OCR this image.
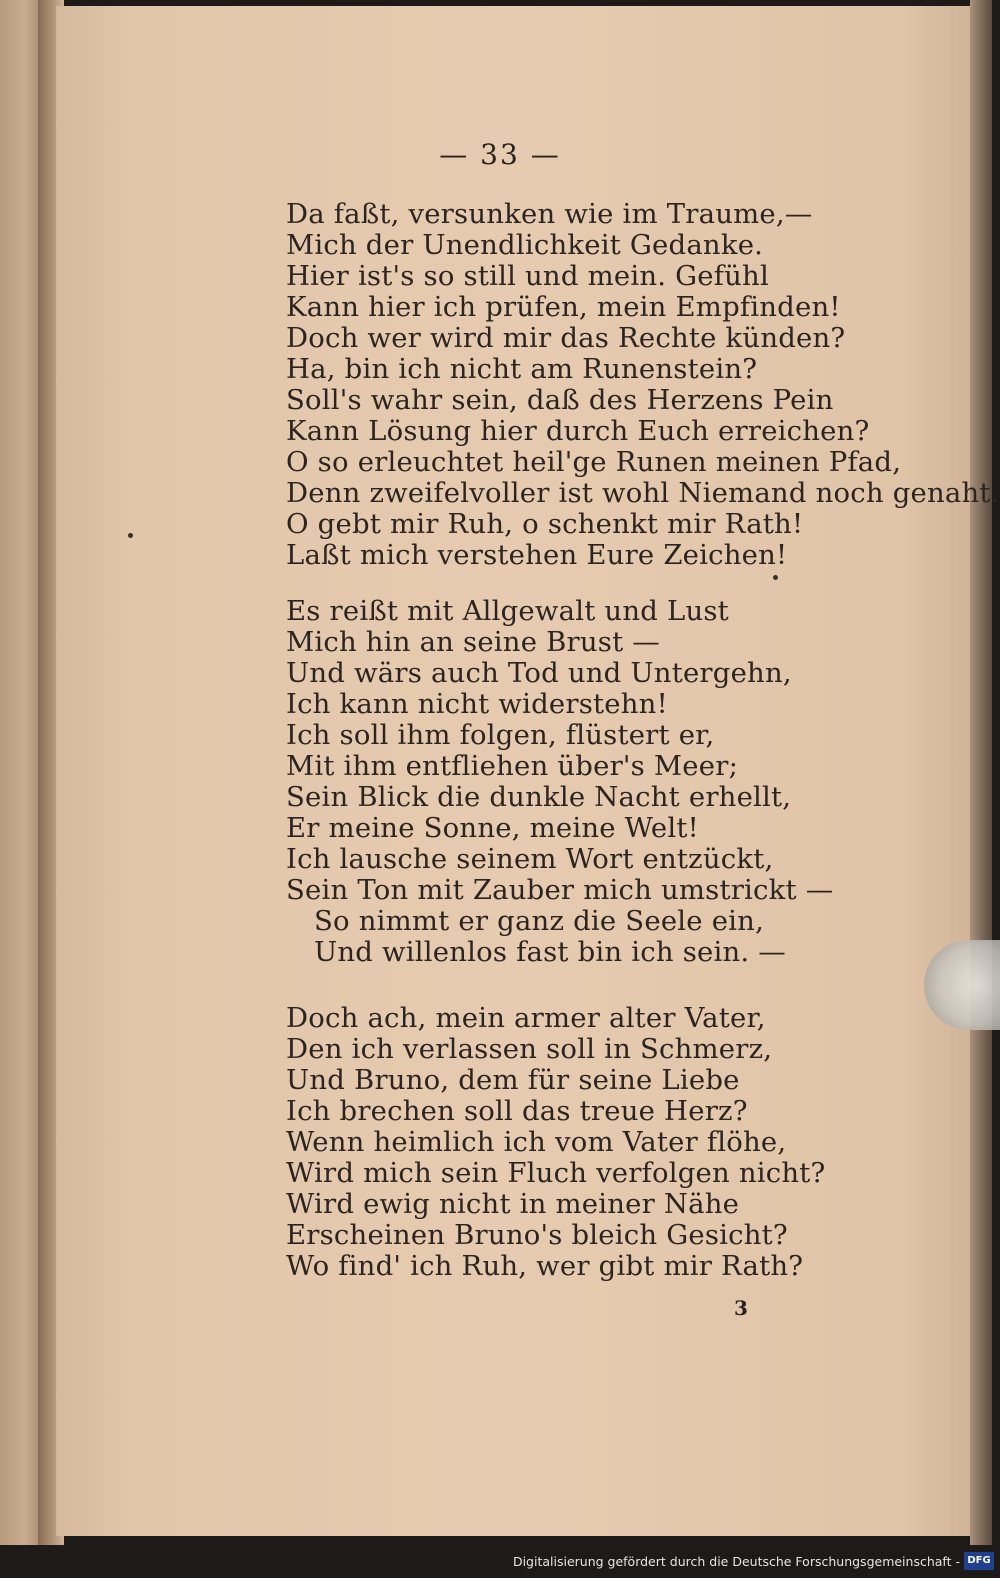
— 33 —
Da faßt, versunken wie im Traume,—
Mich der Unendlichkeit Gedanke.
Hier ist's so still und mein. Gefühl
Kann hier ich prüfen, mein Empfinden!
Doch wer wird mir das Rechte künden?
Ha, bin ich nicht am Runenstein?
Soll's wahr sein, daß des Herzens Pein
Kann Lösung hier durch Euch erreichen?
O so erleuchtet heil'ge Runen meinen Pfad,
Denn zweifelvoller ist wohl Niemand noch genaht.
O gebt mir Ruh, o schenkt mir Rath!
Laßt mich verstehen Eure Zeichen!
Es reißt mit Allgewalt und Lust
Mich hin an seine Brust —
Und wärs auch Tod und Untergehn,
Ich kann nicht widerstehn!
Ich soll ihm folgen, flüstert er,
Mit ihm entfliehen über's Meer;
Sein Blick die dunkle Nacht erhellt,
Er meine Sonne, meine Welt!
Ich lausche seinem Wort entzückt,
Sein Ton mit Zauber mich umstrickt —
So nimmt er ganz die Seele ein,
Und willenlos fast bin ich sein. —
Doch ach, mein armer alter Vater,
Den ich verlassen soll in Schmerz,
Und Bruno, dem für seine Liebe
Ich brechen soll das treue Herz?
Wenn heimlich ich vom Vater flöhe,
Wird mich sein Fluch verfolgen nicht?
Wird ewig nicht in meiner Nähe
Erscheinen Bruno's bleich Gesicht?
Wo find' ich Ruh, wer gibt mir Rath?
3
Digitalisierung gefördert durch die Deutsche Forschungsgemeinschaft - DFG
